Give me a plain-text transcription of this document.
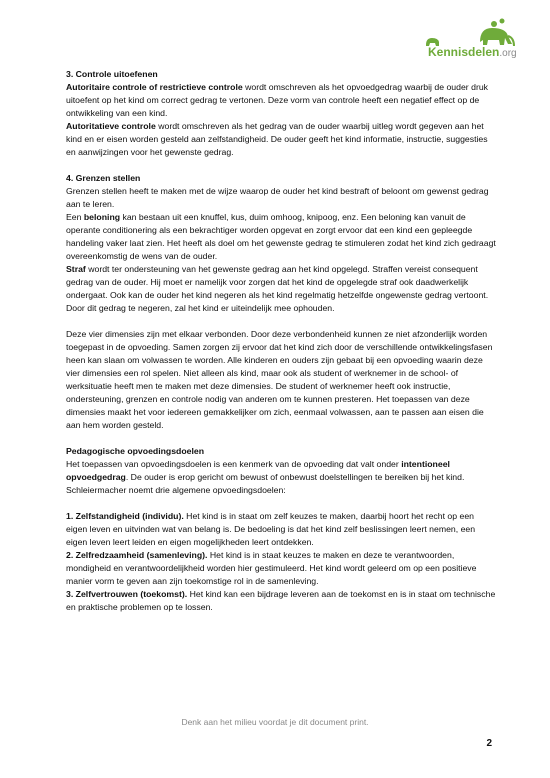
Kennisdelen.org

3. Controle uitoefenen

Autoritaire controle of restrictieve controle wordt omschreven als het opvoedgedrag waarbij de ouder druk uitoefent op het kind om correct gedrag te vertonen. Deze vorm van controle heeft een negatief effect op de ontwikkeling van een kind.

Autoritatieve controle wordt omschreven als het gedrag van de ouder waarbij uitleg wordt gegeven aan het kind en er eisen worden gesteld aan zelfstandigheid. De ouder geeft het kind informatie, instructie, suggesties en aanwijzingen voor het gewenste gedrag.

4. Grenzen stellen

Grenzen stellen heeft te maken met de wijze waarop de ouder het kind bestraft of beloont om gewenst gedrag aan te leren.

Een beloning kan bestaan uit een knuffel, kus, duim omhoog, knipoog, enz. Een beloning kan vanuit de operante conditionering als een bekrachtiger worden opgevat en zorgt ervoor dat een kind een gepleegde handeling vaker laat zien. Het heeft als doel om het gewenste gedrag te stimuleren zodat het kind zich gedraagt overeenkomstig de wens van de ouder.

Straf wordt ter ondersteuning van het gewenste gedrag aan het kind opgelegd. Straffen vereist consequent gedrag van de ouder. Hij moet er namelijk voor zorgen dat het kind de opgelegde straf ook daadwerkelijk ondergaat. Ook kan de ouder het kind negeren als het kind regelmatig hetzelfde ongewenste gedrag vertoont. Door dit gedrag te negeren, zal het kind er uiteindelijk mee ophouden.

Deze vier dimensies zijn met elkaar verbonden. Door deze verbondenheid kunnen ze niet afzonderlijk worden toegepast in de opvoeding. Samen zorgen zij ervoor dat het kind zich door de verschillende ontwikkelingsfasen heen kan slaan om volwassen te worden. Alle kinderen en ouders zijn gebaat bij een opvoeding waarin deze vier dimensies een rol spelen. Niet alleen als kind, maar ook als student of werknemer in de school- of werksituatie heeft men te maken met deze dimensies. De student of werknemer heeft ook instructie, ondersteuning, grenzen en controle nodig van anderen om te kunnen presteren. Het toepassen van deze dimensies maakt het voor iedereen gemakkelijker om zich, eenmaal volwassen, aan te passen aan eisen die aan hem worden gesteld.

Pedagogische opvoedingsdoelen

Het toepassen van opvoedingsdoelen is een kenmerk van de opvoeding dat valt onder intentioneel opvoedgedrag. De ouder is erop gericht om bewust of onbewust doelstellingen te bereiken bij het kind.

Schleiermacher noemt drie algemene opvoedingsdoelen:

1. Zelfstandigheid (individu). Het kind is in staat om zelf keuzes te maken, daarbij hoort het recht op een eigen leven en uitvinden wat van belang is. De bedoeling is dat het kind zelf beslissingen leert nemen, een eigen leven leert leiden en eigen mogelijkheden leert ontdekken.

2. Zelfredzaamheid (samenleving). Het kind is in staat keuzes te maken en deze te verantwoorden, mondigheid en verantwoordelijkheid worden hier gestimuleerd. Het kind wordt geleerd om op een positieve manier vorm te geven aan zijn toekomstige rol in de samenleving.

3. Zelfvertrouwen (toekomst). Het kind kan een bijdrage leveren aan de toekomst en is in staat om technische en praktische problemen op te lossen.

Denk aan het milieu voordat je dit document print.
2
